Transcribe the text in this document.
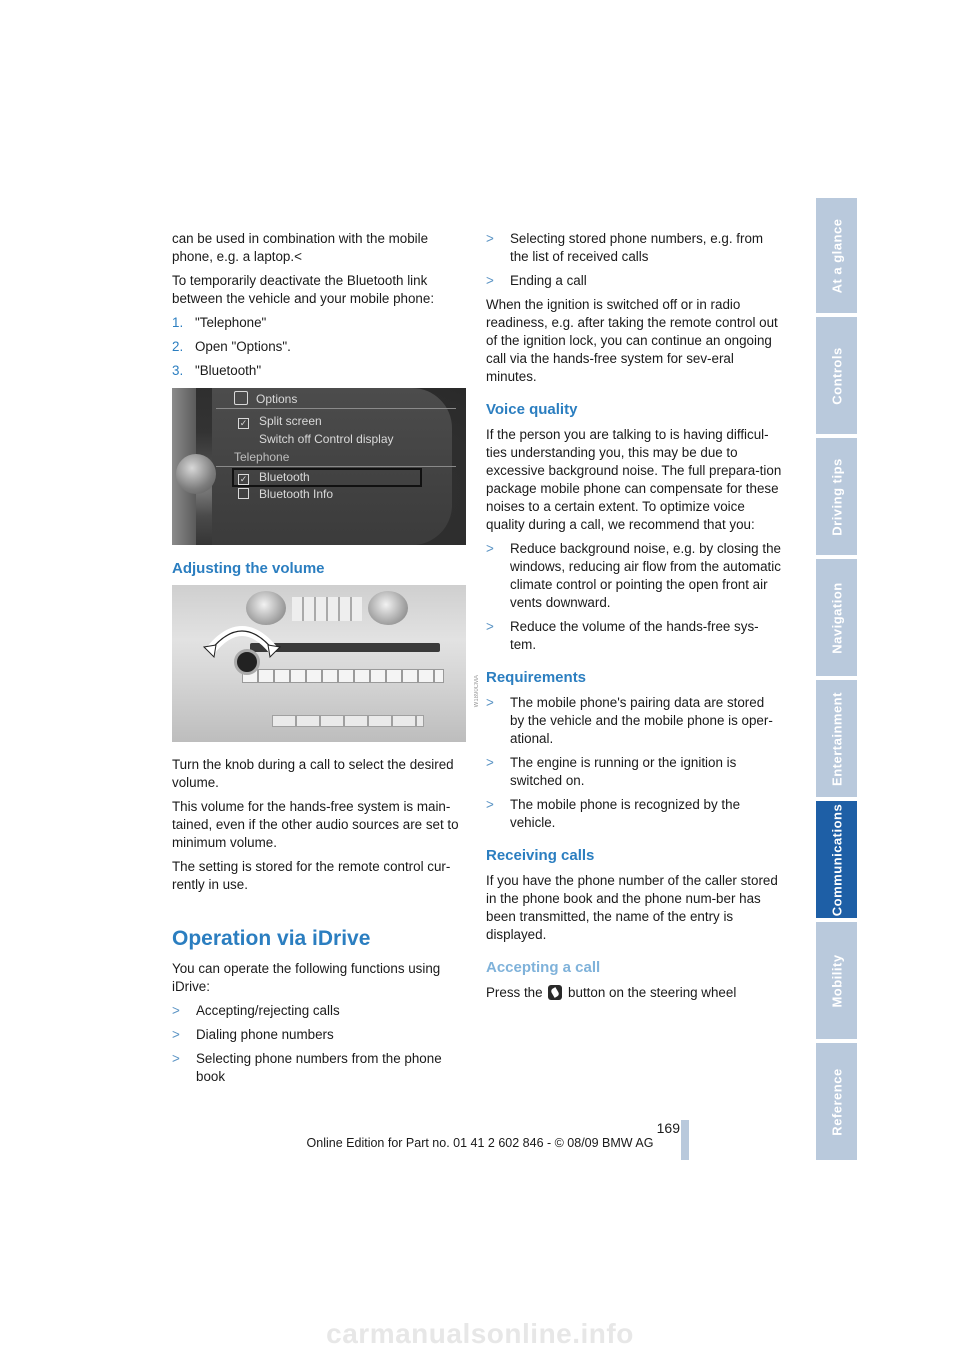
can be used in combination with the mobile phone, e.g. a laptop.<

To temporarily deactivate the Bluetooth link between the vehicle and your mobile phone:

1. "Telephone"
2. Open "Options".
3. "Bluetooth"
Options
✓ Split screen
Switch off Control display
Telephone
✓ Bluetooth
Bluetooth Info
Adjusting the volume
W1890CMA

Turn the knob during a call to select the desired volume.

This volume for the hands-free system is main-tained, even if the other audio sources are set to minimum volume.

The setting is stored for the remote control cur-rently in use.

Operation via iDrive

You can operate the following functions using iDrive:

> Accepting/rejecting calls
> Dialing phone numbers
> Selecting phone numbers from the phone book
> Selecting stored phone numbers, e.g. from the list of received calls
> Ending a call

When the ignition is switched off or in radio readiness, e.g. after taking the remote control out of the ignition lock, you can continue an ongoing call via the hands-free system for sev-eral minutes.

Voice quality

If the person you are talking to is having difficul-ties understanding you, this may be due to excessive background noise. The full prepara-tion package mobile phone can compensate for these noises to a certain extent. To optimize voice quality during a call, we recommend that you:

> Reduce background noise, e.g. by closing the windows, reducing air flow from the automatic climate control or pointing the open front air vents downward.
> Reduce the volume of the hands-free sys-tem.
Requirements
> The mobile phone's pairing data are stored by the vehicle and the mobile phone is oper-ational.
> The engine is running or the ignition is switched on.
> The mobile phone is recognized by the vehicle.
Receiving calls

If you have the phone number of the caller stored in the phone book and the phone num-ber has been transmitted, the name of the entry is displayed.

Accepting a call

Press the button on the steering wheel

At a glance
Controls
Driving tips
Navigation
Entertainment
Communications
Mobility
Reference
169
Online Edition for Part no. 01 41 2 602 846 - © 08/09 BMW AG
carmanualsonline.info
